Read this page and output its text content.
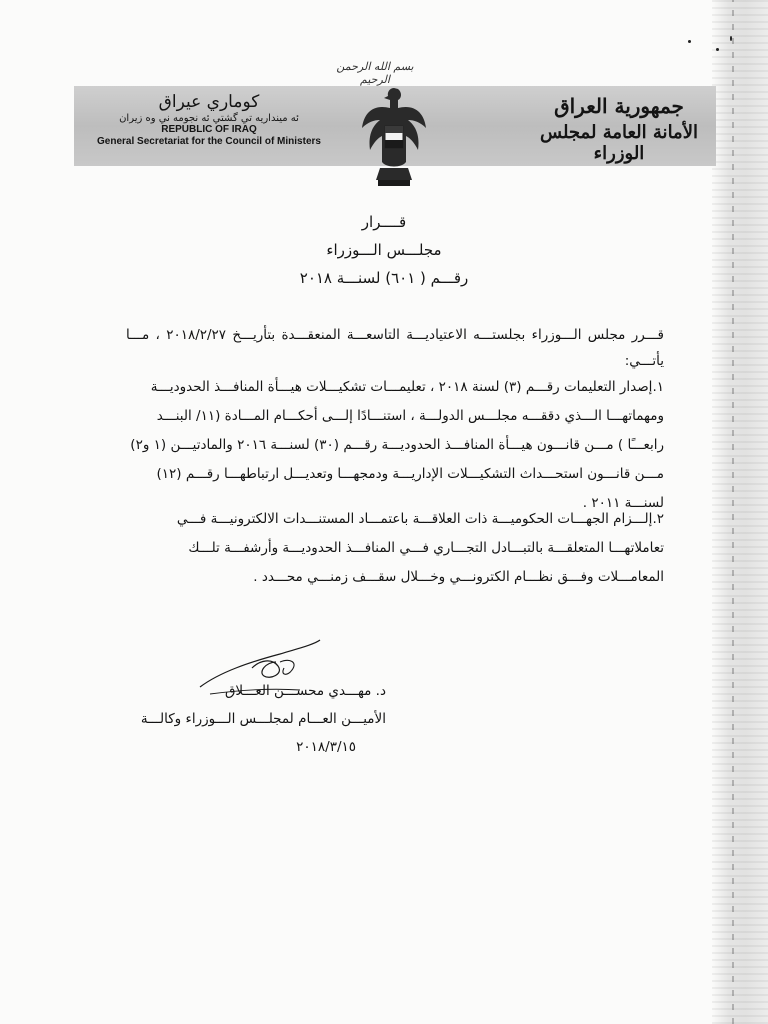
بسم الله الرحمن الرحيم
كوماري عيراق
ئه مينداريه تي گشتي ئه نجومه ني وه زيران
REPUBLIC OF IRAQ
General Secretariat for the Council of Ministers
جمهورية العراق
الأمانة العامة لمجلس الوزراء
قــــرار
مجلـــس الـــوزراء
رقـــم ( ٦٠١) لسنـــة ٢٠١٨
قـــرر مجلس الـــوزراء بجلستـــه الاعتياديـــة التاسعـــة المنعقـــدة بتأريـــخ ٢٠١٨/٢/٢٧ ، مـــا يأتـــي:
١.إصدار التعليمات رقـــم (٣) لسنة ٢٠١٨ ، تعليمـــات تشكيـــلات هيـــأة المنافـــذ الحدوديـــة ومهماتهـــا الـــذي دققـــه مجلـــس الدولـــة ، استنـــادًا إلـــى أحكـــام المـــادة (١١/ البنـــد رابعـــًا ) مـــن قانـــون هيـــأة المنافـــذ الحدوديـــة رقـــم (٣٠) لسنـــة ٢٠١٦ والمادتيـــن (١ و٢) مـــن قانـــون استحـــداث التشكيـــلات الإداريـــة ودمجهـــا وتعديـــل ارتباطهـــا رقـــم (١٢) لسنـــة ٢٠١١ .
٢.إلـــزام الجهـــات الحكوميـــة ذات العلاقـــة باعتمـــاد المستنـــدات الالكترونيـــة فـــي تعاملاتهـــا المتعلقـــة بالتبـــادل التجـــاري فـــي المنافـــذ الحدوديـــة وأرشفـــة تلـــك المعامـــلات وفـــق نظـــام الكترونـــي وخـــلال سقـــف زمنـــي محـــدد .
د. مهـــدي محســـن العـــلاق
الأميـــن العـــام لمجلـــس الـــوزراء وكالـــة
٢٠١٨/٣/١٥
